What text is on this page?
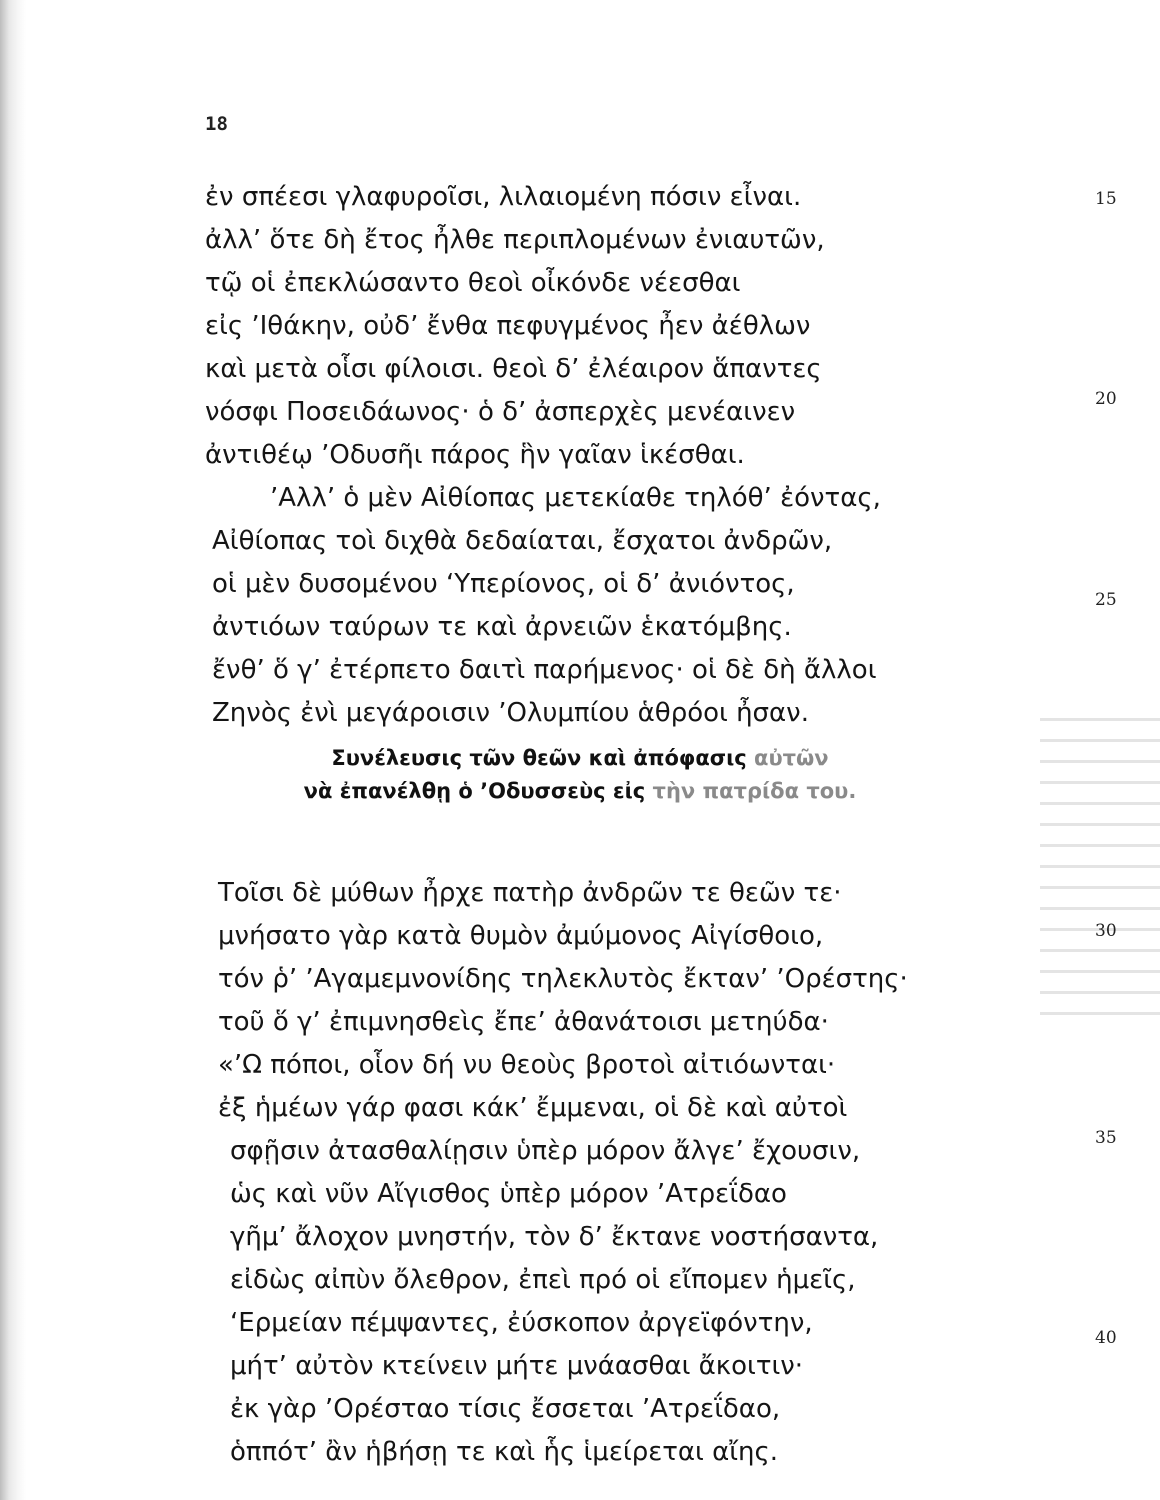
18
ἐν σπέεσι γλαφυροῖσι, λιλαιομένη πόσιν εἶναι.	15
ἀλλ’ ὅτε δὴ ἔτος ἦλθε περιπλομένων ἐνιαυτῶν,
τῷ οἱ ἐπεκλώσαντο θεοὶ οἶκόνδε νέεσθαι
εἰς ’Ιθάκην, οὐδ’ ἔνθα πεφυγμένος ἦεν ἀέθλων
καὶ μετὰ οἷσι φίλοισι. θεοὶ δ’ ἐλέαιρον ἅπαντες
νόσφι Ποσειδάωνος· ὁ δ’ ἀσπερχὲς μενέαινεν	20
ἀντιθέῳ ’Οδυσῆι πάρος ἣν γαῖαν ἱκέσθαι.
’Αλλ’ ὁ μὲν Αἰθίοπας μετεκίαθε τηλόθ’ ἐόντας,
Αἰθίοπας τοὶ διχθὰ δεδαίαται, ἔσχατοι ἀνδρῶν,
οἱ μὲν δυσομένου ‘Υπερίονος, οἱ δ’ ἀνιόντος,
ἀντιόων ταύρων τε καὶ ἀρνειῶν ἑκατόμβης.
25
ἔνθ’ ὅ γ’ ἐτέρπετο δαιτὶ παρήμενος· οἱ δὲ δὴ ἄλλοι
Ζηνὸς ἐνὶ μεγάροισιν ’Ολυμπίου ἁθρόοι ἦσαν.
Συνέλευσις τῶν θεῶν καὶ ἀπόφασις αὐτῶν
νὰ ἐπανέλθῃ ὁ ’Οδυσσεὺς εἰς τὴν πατρίδα του.
Τοῖσι δὲ μύθων ἦρχε πατὴρ ἀνδρῶν τε θεῶν τε·
μνήσατο γὰρ κατὰ θυμὸν ἀμύμονος Αἰγίσθοιο,
τόν ῥ’ ’Αγαμεμνονίδης τηλεκλυτὸς ἔκταν’ ’Ορέστης·
30
τοῦ ὅ γ’ ἐπιμνησθεὶς ἔπε’ ἀθανάτοισι μετηύδα·
«’Ω πόποι, οἷον δή νυ θεοὺς βροτοὶ αἰτιόωνται·
ἐξ ἡμέων γάρ φασι κάκ’ ἔμμεναι, οἱ δὲ καὶ αὐτοὶ
σφῇσιν ἀτασθαλίῃσιν ὑπὲρ μόρον ἄλγε’ ἔχουσιν,
ὡς καὶ νῦν Αἴγισθος ὑπὲρ μόρον ’Ατρεΐδαο
35
γῆμ’ ἄλοχον μνηστήν, τὸν δ’ ἔκτανε νοστήσαντα,
εἰδὼς αἰπὺν ὄλεθρον, ἐπεὶ πρό οἱ εἴπομεν ἡμεῖς,
‘Ερμείαν πέμψαντες, ἐύσκοπον ἀργεϊφόντην,
μήτ’ αὐτὸν κτείνειν μήτε μνάασθαι ἄκοιτιν·
ἐκ γὰρ ’Ορέσταο τίσις ἔσσεται ’Ατρεΐδαο,
40
ὁππότ’ ἂν ἡβήσῃ τε καὶ ἧς ἱμείρεται αἴης.
